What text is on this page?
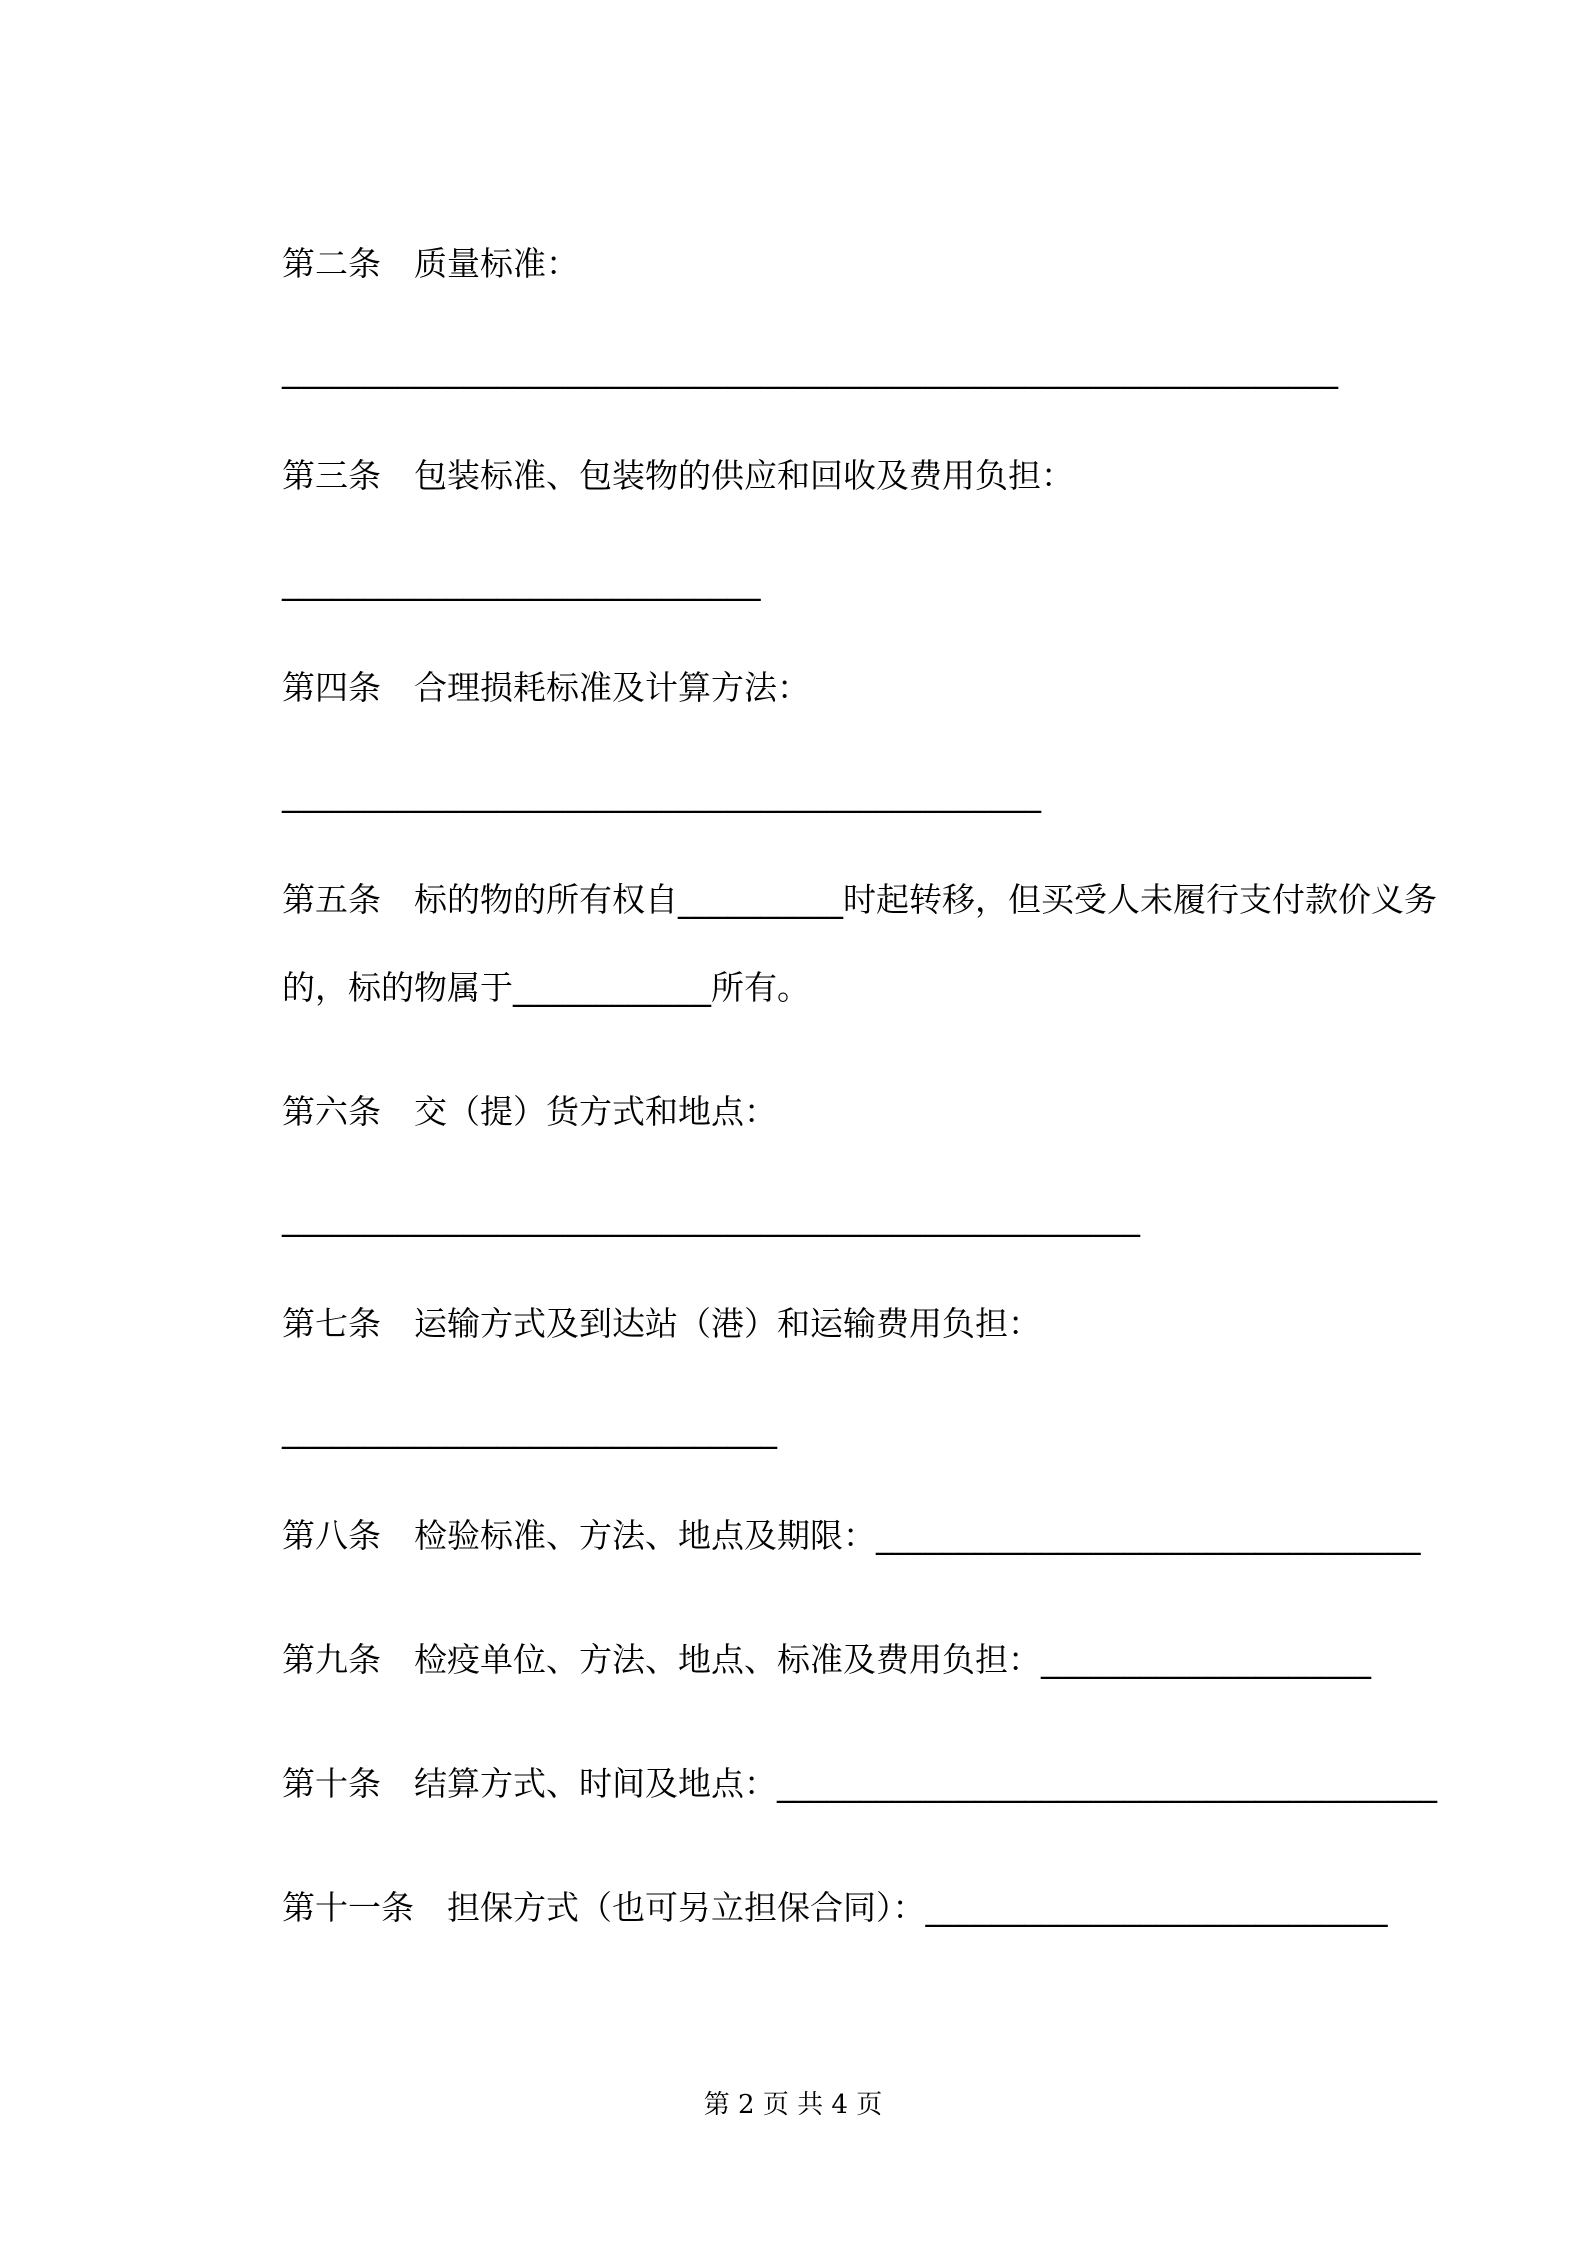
第二条　质量标准：

________________________________________________________________

第三条　包装标准、包装物的供应和回收及费用负担：

_____________________________

第四条　合理损耗标准及计算方法：

______________________________________________

第五条　标的物的所有权自__________时起转移，但买受人未履行支付款价义务

的，标的物属于____________所有。

第六条　交（提）货方式和地点：

____________________________________________________

第七条　运输方式及到达站（港）和运输费用负担：

______________________________

第八条　检验标准、方法、地点及期限：_________________________________

第九条　检疫单位、方法、地点、标准及费用负担：____________________

第十条　结算方式、时间及地点：________________________________________

第十一条　担保方式（也可另立担保合同）：____________________________

第 2 页 共 4 页
